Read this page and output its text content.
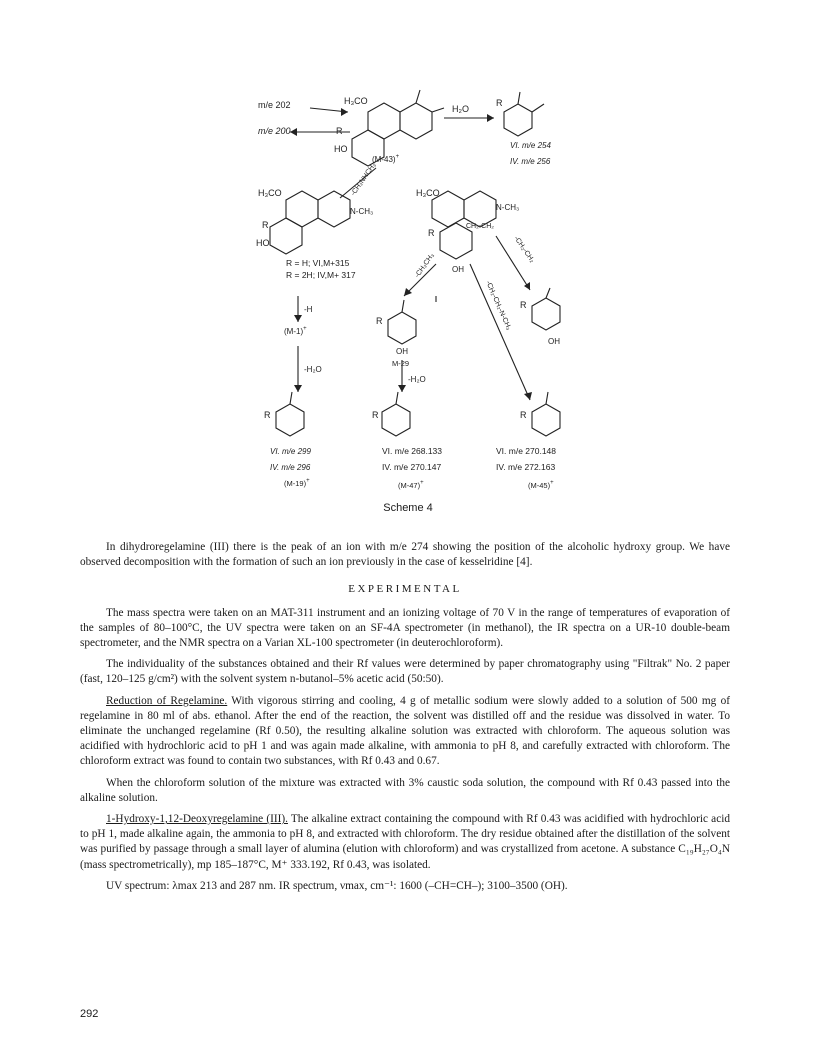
m/e 202
m/e 200
H₃CO
R
HO
(M-43)+
H₂O
R
VI. m/e 254
IV. m/e 256
-CH₂NHCH₃
H₃CO
N-CH₃
R
HO
R = H; VI,M+315
R = 2H; IV,M+ 317
H₃CO
N-CH₃
CH₂-CH₂
R
OH
-CH₂CH₃
-CH₂-CH₂
-CH₂-CH₂-N-CH₃
-H
(M-1)+
-H₂O
R
OH
M-29
-H₂O
R
OH
R	R	R
VI. m/e 299
IV. m/e 296
(M-19)+
VI. m/e 268.133
IV. m/e 270.147
(M-47)+
VI. m/e 270.148
IV. m/e 272.163
(M-45)+
Scheme 4

In dihydroregelamine (III) there is the peak of an ion with m/e 274 showing the position of the alcoholic hydroxy group. We have observed decomposition with the formation of such an ion previously in the case of kesselridine [4].

EXPERIMENTAL

The mass spectra were taken on an MAT-311 instrument and an ionizing voltage of 70 V in the range of temperatures of evaporation of the samples of 80–100°C, the UV spectra were taken on an SF-4A spectrometer (in methanol), the IR spectra on a UR-10 double-beam spectrometer, and the NMR spectra on a Varian XL-100 spectrometer (in deuterochloroform).

The individuality of the substances obtained and their Rf values were determined by paper chromatography using "Filtrak" No. 2 paper (fast, 120–125 g/cm²) with the solvent system n-butanol–5% acetic acid (50:50).

Reduction of Regelamine. With vigorous stirring and cooling, 4 g of metallic sodium were slowly added to a solution of 500 mg of regelamine in 80 ml of abs. ethanol. After the end of the reaction, the solvent was distilled off and the residue was dissolved in water. To eliminate the unchanged regelamine (Rf 0.50), the resulting alkaline solution was extracted with chloroform. The aqueous solution was acidified with hydrochloric acid to pH 1 and was again made alkaline, with ammonia to pH 8, and carefully extracted with chloroform. The chloroform extract was found to contain two substances, with Rf 0.43 and 0.67.

When the chloroform solution of the mixture was extracted with 3% caustic soda solution, the compound with Rf 0.43 passed into the alkaline solution.

1-Hydroxy-1,12-Deoxyregelamine (III). The alkaline extract containing the compound with Rf 0.43 was acidified with hydrochloric acid to pH 1, made alkaline again, the ammonia to pH 8, and extracted with chloroform. The dry residue obtained after the distillation of the solvent was purified by passage through a small layer of alumina (elution with chloroform) and was crystallized from acetone. A substance C₁₉H₂₇O₄N (mass spectrometrically), mp 185–187°C, M⁺ 333.192, Rf 0.43, was isolated.

UV spectrum: λmax 213 and 287 nm. IR spectrum, νmax, cm⁻¹: 1600 (–CH=CH–); 3100–3500 (OH).

292
